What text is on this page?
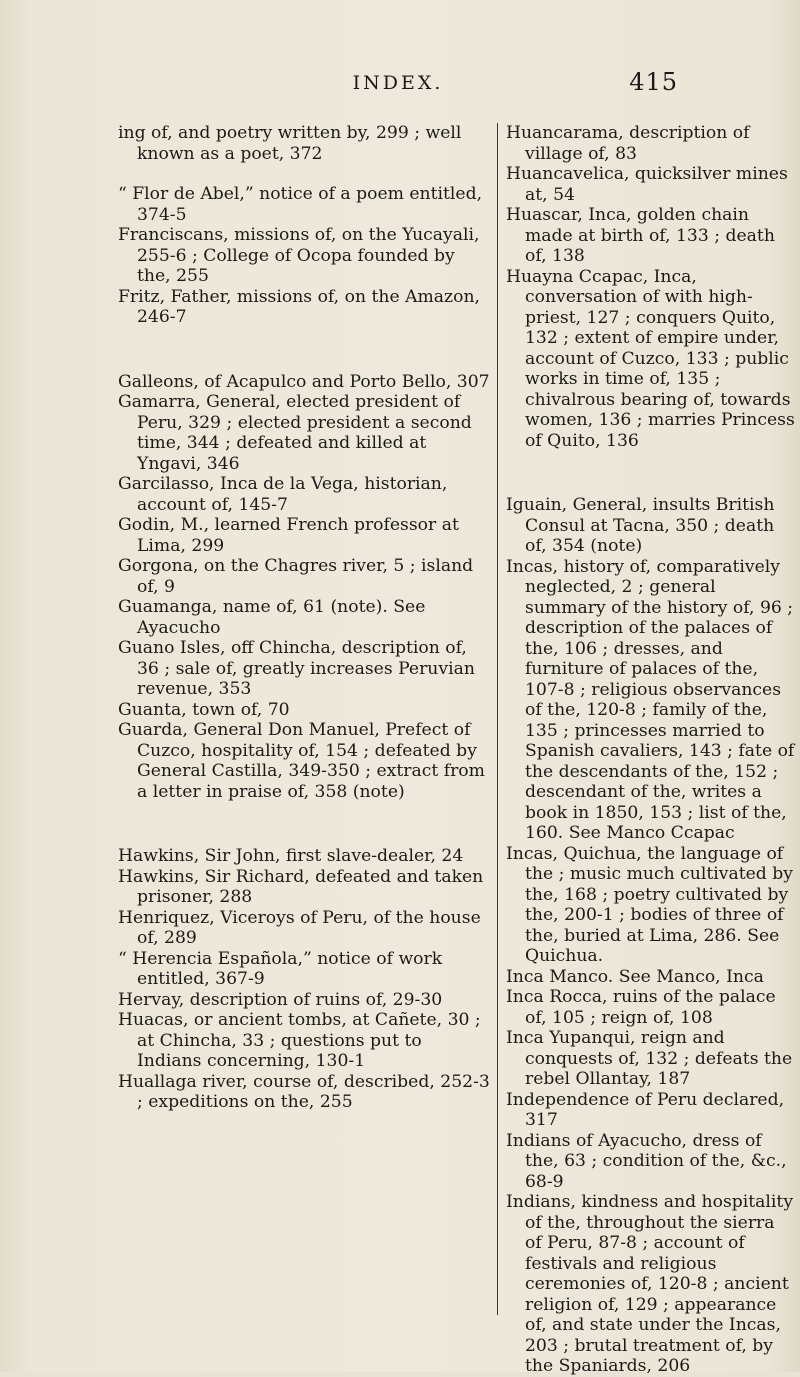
INDEX.	415
ing of, and poetry written by, 299 ; well known as a poet, 372
“ Flor de Abel,” notice of a poem entitled, 374-5
Franciscans, missions of, on the Yucayali, 255-6 ; College of Ocopa founded by the, 255
Fritz, Father, missions of, on the Amazon, 246-7
Galleons, of Acapulco and Porto Bello, 307
Gamarra, General, elected president of Peru, 329 ; elected president a second time, 344 ; defeated and killed at Yngavi, 346
Garcilasso, Inca de la Vega, historian, account of, 145-7
Godin, M., learned French professor at Lima, 299
Gorgona, on the Chagres river, 5 ; island of, 9
Guamanga, name of, 61 (note). See Ayacucho
Guano Isles, off Chincha, description of, 36 ; sale of, greatly increases Peruvian revenue, 353
Guanta, town of, 70
Guarda, General Don Manuel, Prefect of Cuzco, hospitality of, 154 ; defeated by General Castilla, 349-350 ; extract from a letter in praise of, 358 (note)
Hawkins, Sir John, first slave-dealer, 24
Hawkins, Sir Richard, defeated and taken prisoner, 288
Henriquez, Viceroys of Peru, of the house of, 289
“ Herencia Española,” notice of work entitled, 367-9
Hervay, description of ruins of, 29-30
Huacas, or ancient tombs, at Cañete, 30 ; at Chincha, 33 ; questions put to Indians concerning, 130-1
Huallaga river, course of, described, 252-3 ; expeditions on the, 255
Huancarama, description of village of, 83
Huancavelica, quicksilver mines at, 54
Huascar, Inca, golden chain made at birth of, 133 ; death of, 138
Huayna Ccapac, Inca, conversation of with high-priest, 127 ; conquers Quito, 132 ; extent of empire under, account of Cuzco, 133 ; public works in time of, 135 ; chivalrous bearing of, towards women, 136 ; marries Princess of Quito, 136
Iguain, General, insults British Consul at Tacna, 350 ; death of, 354 (note)
Incas, history of, comparatively neglected, 2 ; general summary of the history of, 96 ; description of the palaces of the, 106 ; dresses, and furniture of palaces of the, 107-8 ; religious observances of the, 120-8 ; family of the, 135 ; princesses married to Spanish cavaliers, 143 ; fate of the descendants of the, 152 ; descendant of the, writes a book in 1850, 153 ; list of the, 160. See Manco Ccapac
Incas, Quichua, the language of the ; music much cultivated by the, 168 ; poetry cultivated by the, 200-1 ; bodies of three of the, buried at Lima, 286. See Quichua.
Inca Manco. See Manco, Inca
Inca Rocca, ruins of the palace of, 105 ; reign of, 108
Inca Yupanqui, reign and conquests of, 132 ; defeats the rebel Ollantay, 187
Independence of Peru declared, 317
Indians of Ayacucho, dress of the, 63 ; condition of the, &c., 68-9
Indians, kindness and hospitality of the, throughout the sierra of Peru, 87-8 ; account of festivals and religious ceremonies of, 120-8 ; ancient religion of, 129 ; appearance of, and state under the Incas, 203 ; brutal treatment of, by the Spaniards, 206
